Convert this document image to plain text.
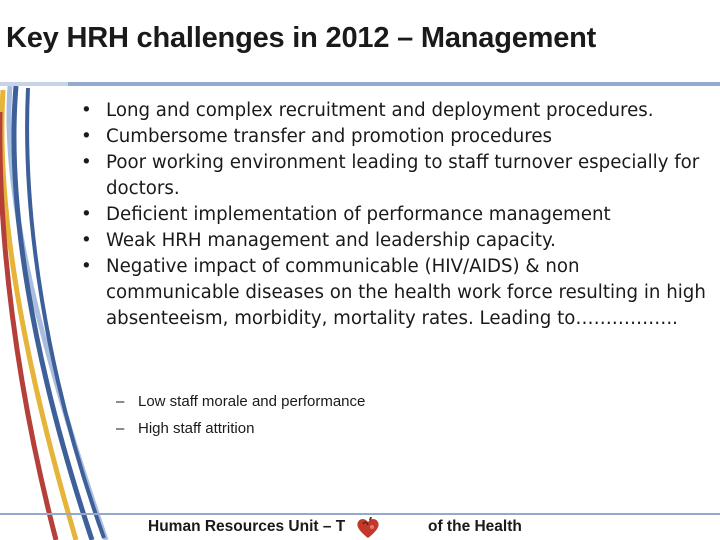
Key HRH challenges in 2012 – Management
• Long and complex recruitment and deployment procedures.
• Cumbersome transfer and promotion procedures
• Poor working environment leading to staff turnover especially for doctors.
• Deficient implementation of performance management
• Weak HRH management and leadership capacity.
• Negative impact of communicable (HIV/AIDS) & non communicable diseases on the health work force resulting in high absenteeism, morbidity, mortality rates. Leading to……………..
– Low staff morale and performance
– High staff attrition
Human Resources Unit – T	of the Health
